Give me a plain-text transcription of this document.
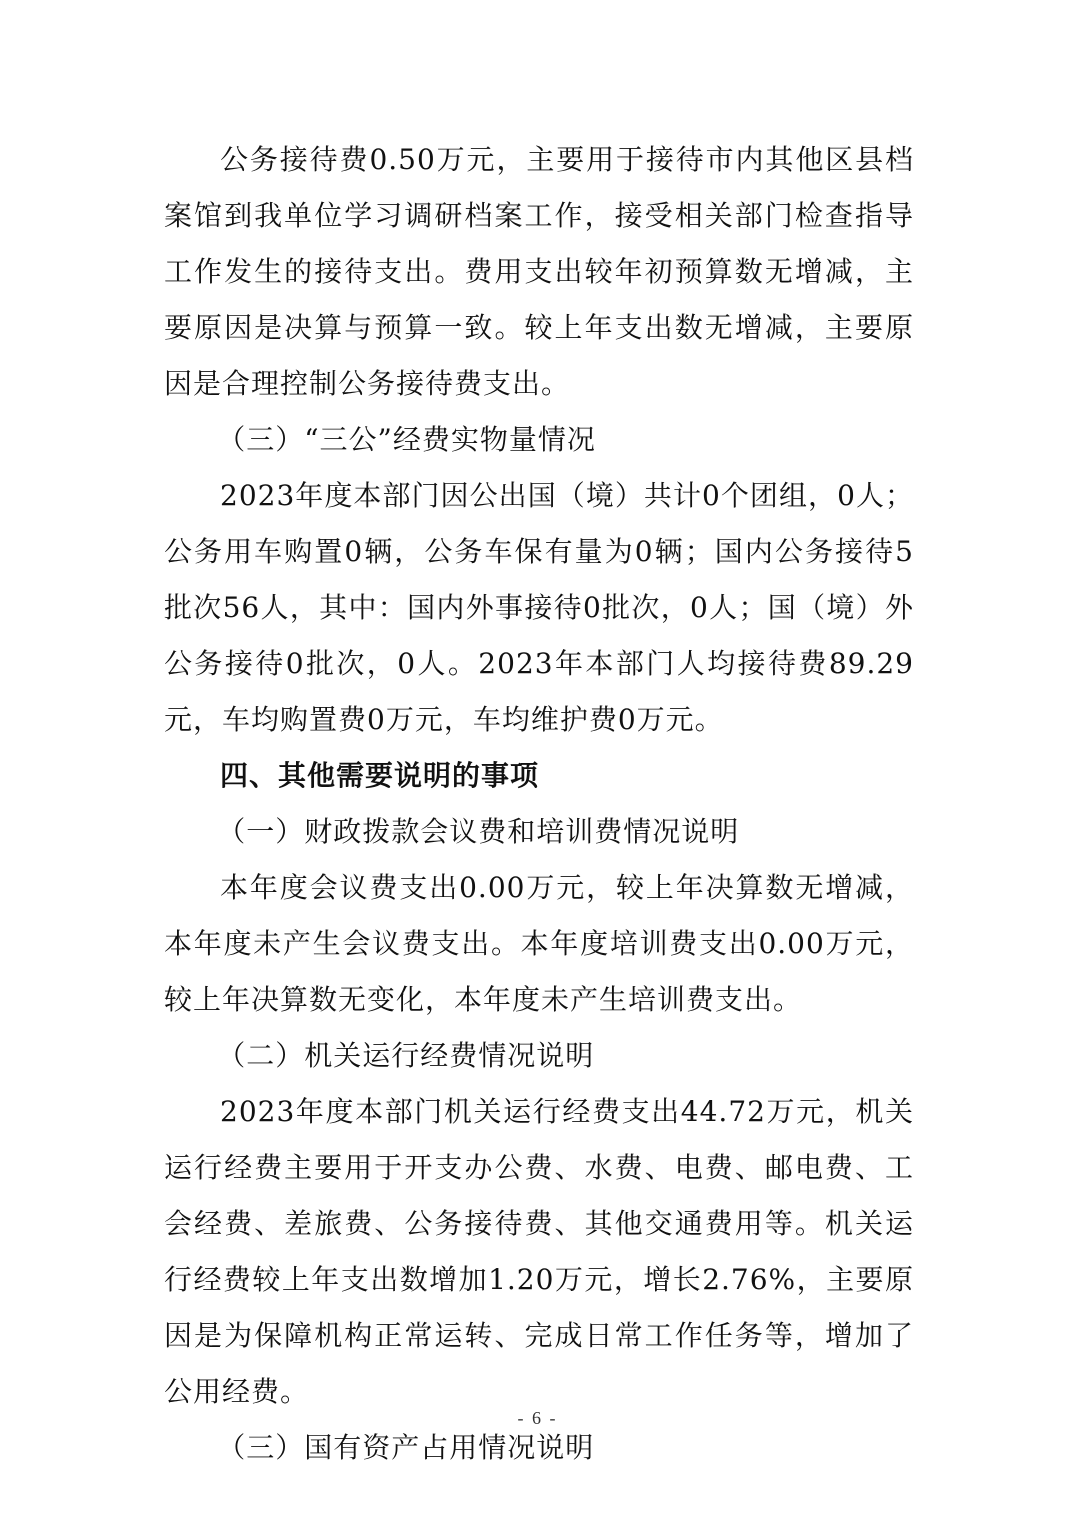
公务接待费0.50万元，主要用于接待市内其他区县档案馆到我单位学习调研档案工作，接受相关部门检查指导工作发生的接待支出。费用支出较年初预算数无增减，主要原因是决算与预算一致。较上年支出数无增减，主要原因是合理控制公务接待费支出。

（三）“三公”经费实物量情况

2023年度本部门因公出国（境）共计0个团组，0人；公务用车购置0辆，公务车保有量为0辆；国内公务接待5批次56人，其中：国内外事接待0批次，0人；国（境）外公务接待0批次，0人。2023年本部门人均接待费89.29元，车均购置费0万元，车均维护费0万元。

四、其他需要说明的事项

（一）财政拨款会议费和培训费情况说明

本年度会议费支出0.00万元，较上年决算数无增减，本年度未产生会议费支出。本年度培训费支出0.00万元，较上年决算数无变化，本年度未产生培训费支出。

（二）机关运行经费情况说明

2023年度本部门机关运行经费支出44.72万元，机关运行经费主要用于开支办公费、水费、电费、邮电费、工会经费、差旅费、公务接待费、其他交通费用等。机关运行经费较上年支出数增加1.20万元，增长2.76%，主要原因是为保障机构正常运转、完成日常工作任务等，增加了公用经费。

（三）国有资产占用情况说明

- 6 -
